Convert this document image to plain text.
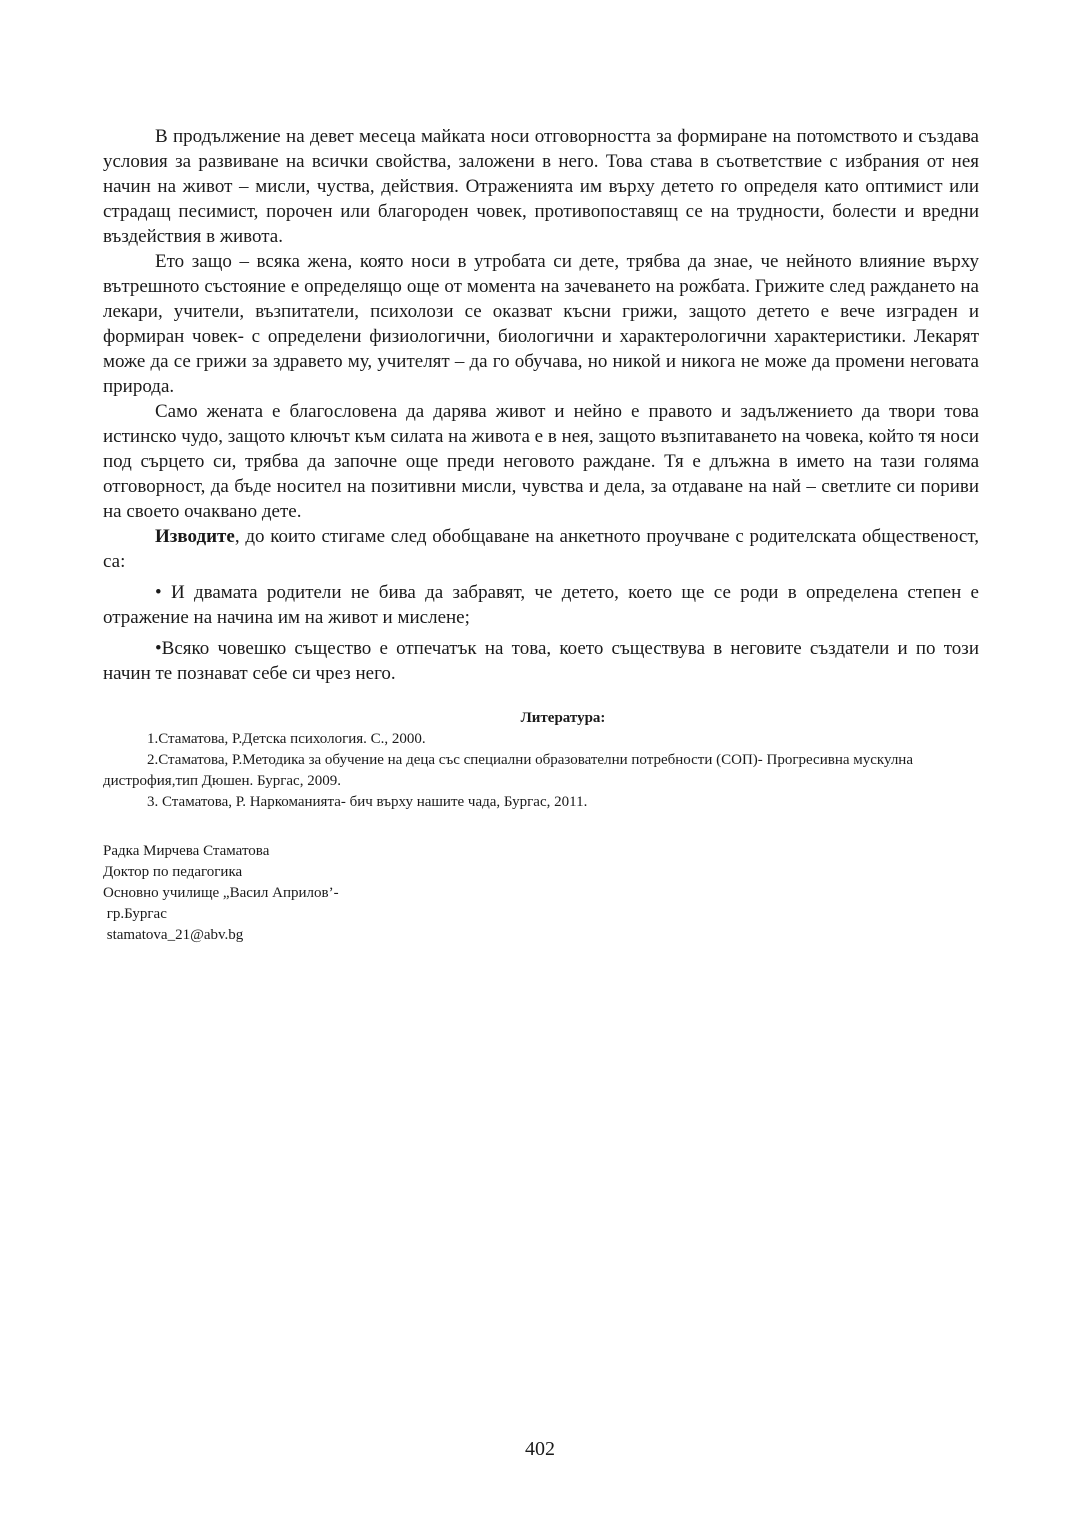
В продължение на девет месеца майката носи отговорността за формиране на потомството и създава условия за развиване на всички свойства, заложени в него. Това става в съответствие с избрания от нея начин на живот – мисли, чуства, действия. Отраженията им върху детето го определя като оптимист или страдащ песимист, порочен или благороден човек, противопоставящ се на трудности, болести и вредни въздействия в живота.

Ето защо – всяка жена, която носи в утробата си дете, трябва да знае, че нейното влияние върху вътрешното състояние е определящо още от момента на зачеването на рожбата. Грижите след раждането на лекари, учители, възпитатели, психолози се оказват късни грижи, защото детето е вече изграден и формиран човек- с определени физиологични, биологични и характерологични характеристики. Лекарят може да се грижи за здравето му, учителят – да го обучава, но никой и никога не може да промени неговата природа.

Само жената е благословена да дарява живот и нейно е правото и задължението да твори това истинско чудо, защото ключът към силата на живота е в нея, защото възпитаването на човека, който тя носи под сърцето си, трябва да започне още преди неговото раждане. Тя е длъжна в името на тази голяма отговорност, да бъде носител на позитивни мисли, чувства и дела, за отдаване на най – светлите си пориви на своето очаквано дете.

Изводите, до които стигаме след обобщаване на анкетното проучване с родителската общественост, са:

• И двамата родители не бива да забравят, че детето, което ще се роди в определена степен е отражение на начина им на живот и мислене;

•Всяко човешко същество е отпечатък на това, което съществува в неговите създатели и по този начин те познават себе си чрез него.

Литература:

1.Стаматова, Р.Детска психология. С., 2000.

2.Стаматова, Р.Методика за обучение на деца със специални образователни потребности (СОП)- Прогресивна мускулна дистрофия,тип Дюшен. Бургас, 2009.

3. Стаматова, Р. Наркоманията- бич върху нашите чада, Бургас, 2011.

Радка Мирчева Стаматова
Доктор по педагогика
Основно училище „Васил Априлов’-
гр.Бургас
stamatova_21@abv.bg
402
